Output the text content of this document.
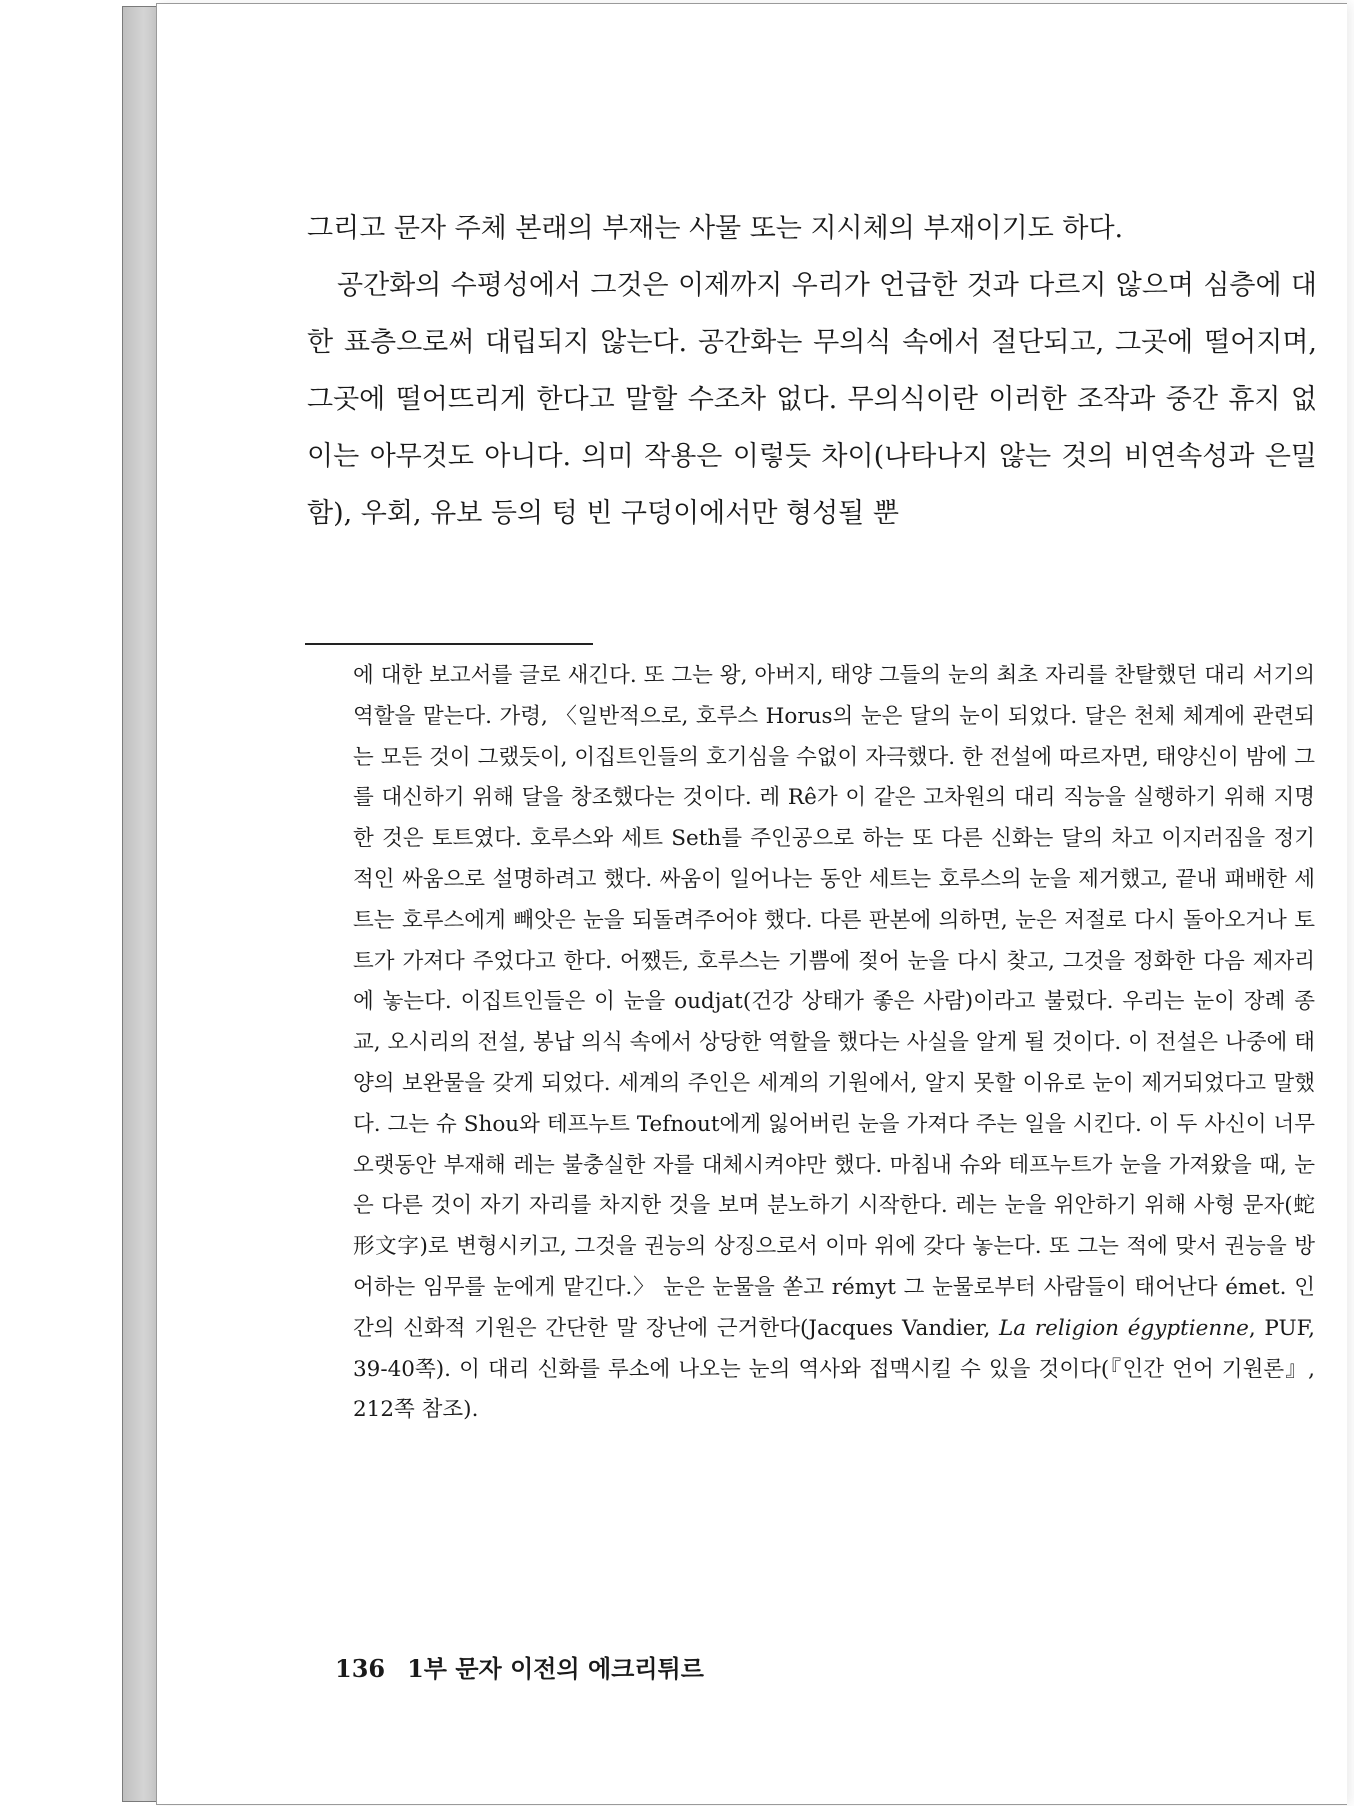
그리고 문자 주체 본래의 부재는 사물 또는 지시체의 부재이기도 하다.

공간화의 수평성에서 그것은 이제까지 우리가 언급한 것과 다르지 않으며 심층에 대한 표층으로써 대립되지 않는다. 공간화는 무의식 속에서 절단되고, 그곳에 떨어지며, 그곳에 떨어뜨리게 한다고 말할 수조차 없다. 무의식이란 이러한 조작과 중간 휴지 없이는 아무것도 아니다. 의미 작용은 이렇듯 차이(나타나지 않는 것의 비연속성과 은밀함), 우회, 유보 등의 텅 빈 구덩이에서만 형성될 뿐

에 대한 보고서를 글로 새긴다. 또 그는 왕, 아버지, 태양 그들의 눈의 최초 자리를 찬탈했던 대리 서기의 역할을 맡는다. 가령, 〈일반적으로, 호루스 Horus의 눈은 달의 눈이 되었다. 달은 천체 체계에 관련되는 모든 것이 그랬듯이, 이집트인들의 호기심을 수없이 자극했다. 한 전설에 따르자면, 태양신이 밤에 그를 대신하기 위해 달을 창조했다는 것이다. 레 Rê가 이 같은 고차원의 대리 직능을 실행하기 위해 지명한 것은 토트였다. 호루스와 세트 Seth를 주인공으로 하는 또 다른 신화는 달의 차고 이지러짐을 정기적인 싸움으로 설명하려고 했다. 싸움이 일어나는 동안 세트는 호루스의 눈을 제거했고, 끝내 패배한 세트는 호루스에게 빼앗은 눈을 되돌려주어야 했다. 다른 판본에 의하면, 눈은 저절로 다시 돌아오거나 토트가 가져다 주었다고 한다. 어쨌든, 호루스는 기쁨에 젖어 눈을 다시 찾고, 그것을 정화한 다음 제자리에 놓는다. 이집트인들은 이 눈을 oudjat(건강 상태가 좋은 사람)이라고 불렀다. 우리는 눈이 장례 종교, 오시리의 전설, 봉납 의식 속에서 상당한 역할을 했다는 사실을 알게 될 것이다. 이 전설은 나중에 태양의 보완물을 갖게 되었다. 세계의 주인은 세계의 기원에서, 알지 못할 이유로 눈이 제거되었다고 말했다. 그는 슈 Shou와 테프누트 Tefnout에게 잃어버린 눈을 가져다 주는 일을 시킨다. 이 두 사신이 너무 오랫동안 부재해 레는 불충실한 자를 대체시켜야만 했다. 마침내 슈와 테프누트가 눈을 가져왔을 때, 눈은 다른 것이 자기 자리를 차지한 것을 보며 분노하기 시작한다. 레는 눈을 위안하기 위해 사형 문자(蛇形文字)로 변형시키고, 그것을 권능의 상징으로서 이마 위에 갖다 놓는다. 또 그는 적에 맞서 권능을 방어하는 임무를 눈에게 맡긴다.〉 눈은 눈물을 쏟고 rémyt 그 눈물로부터 사람들이 태어난다 émet. 인간의 신화적 기원은 간단한 말 장난에 근거한다(Jacques Vandier, La religion égyptienne, PUF, 39-40쪽). 이 대리 신화를 루소에 나오는 눈의 역사와 접맥시킬 수 있을 것이다(『인간 언어 기원론』, 212쪽 참조).

136 1부 문자 이전의 에크리튀르
